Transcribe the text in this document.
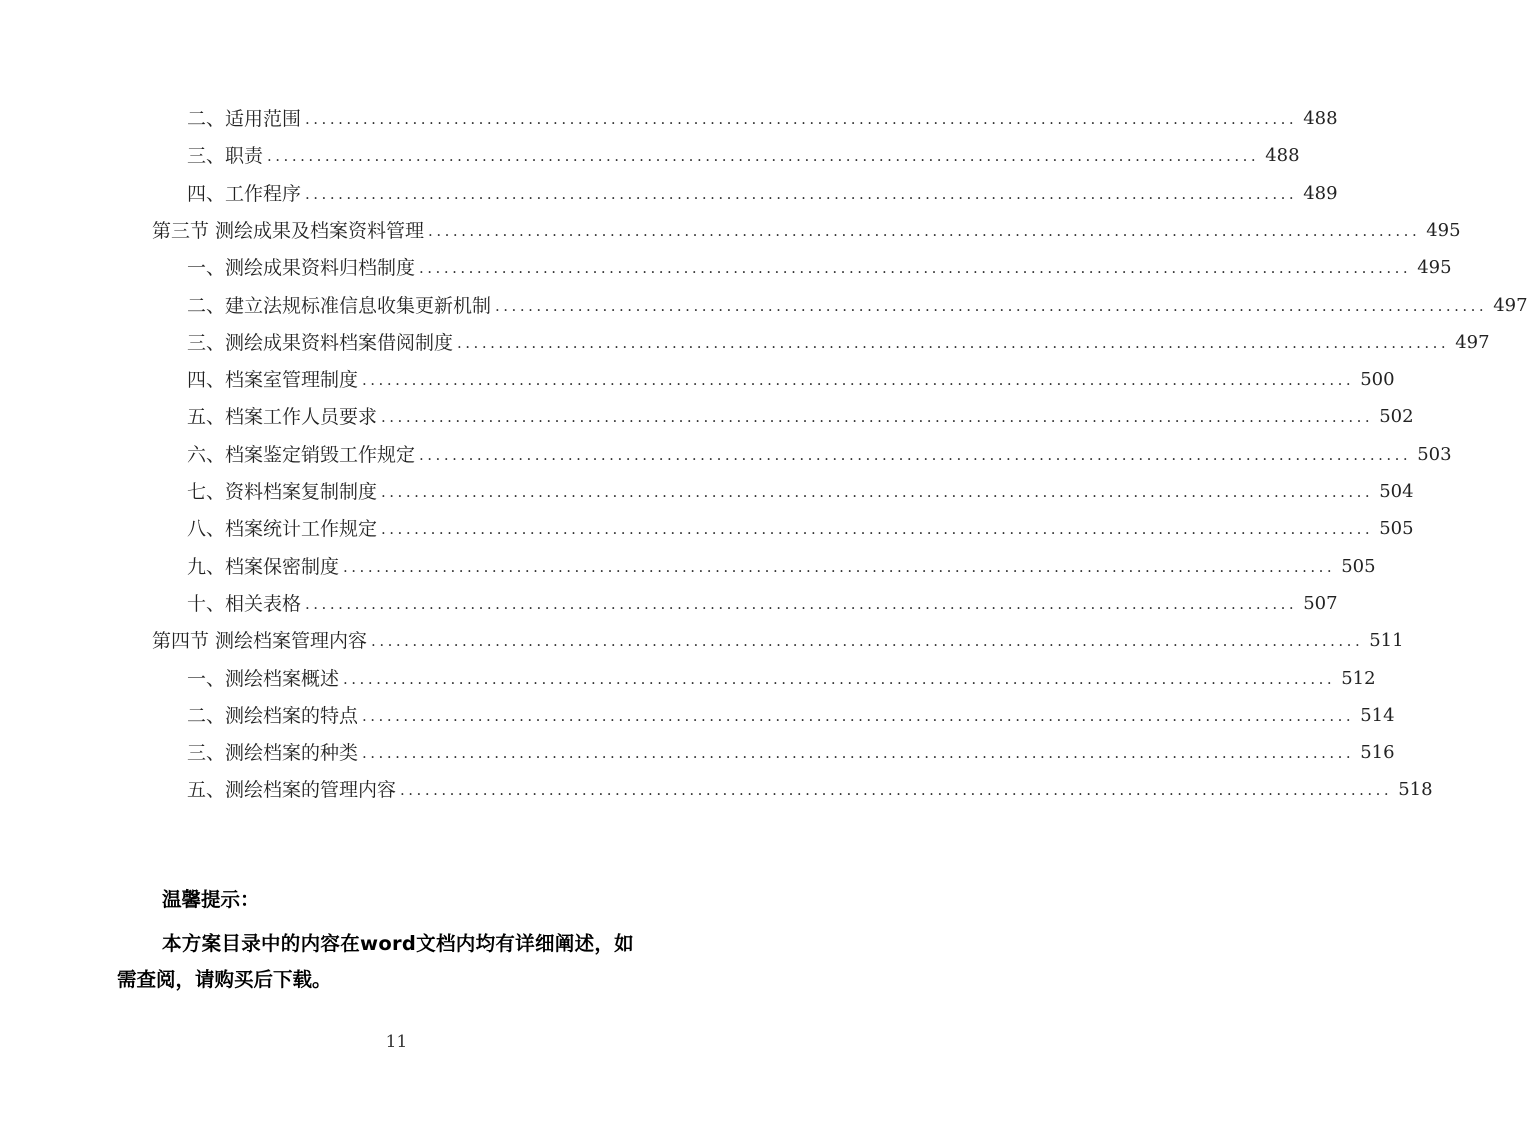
二、适用范围 ........................................................................................................................ 488
三、职责 ........................................................................................................................ 488
四、工作程序 ........................................................................................................................ 489
第三节 测绘成果及档案资料管理 ........................................................................................................................ 495
一、测绘成果资料归档制度 ........................................................................................................................ 495
二、建立法规标准信息收集更新机制 ........................................................................................................................ 497
三、测绘成果资料档案借阅制度 ........................................................................................................................ 497
四、档案室管理制度 ........................................................................................................................ 500
五、档案工作人员要求 ........................................................................................................................ 502
六、档案鉴定销毁工作规定 ........................................................................................................................ 503
七、资料档案复制制度 ........................................................................................................................ 504
八、档案统计工作规定 ........................................................................................................................ 505
九、档案保密制度 ........................................................................................................................ 505
十、相关表格 ........................................................................................................................ 507
第四节 测绘档案管理内容 ........................................................................................................................ 511
一、测绘档案概述 ........................................................................................................................ 512
二、测绘档案的特点 ........................................................................................................................ 514
三、测绘档案的种类 ........................................................................................................................ 516
五、测绘档案的管理内容 ........................................................................................................................ 518
温馨提示：
本方案目录中的内容在word文档内均有详细阐述，如
需查阅，请购买后下载。
11
